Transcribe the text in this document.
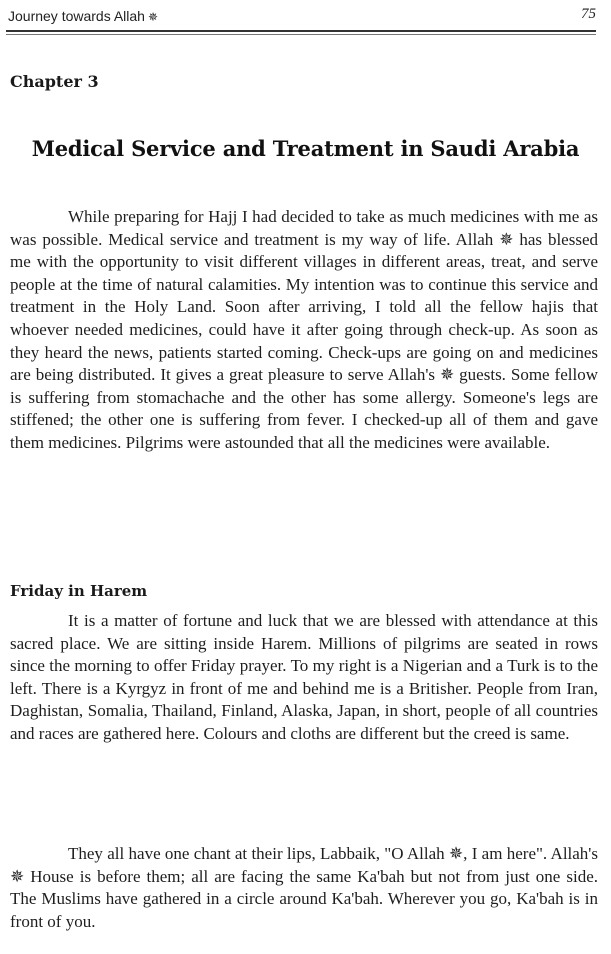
Journey towards Allah ✵	75
Chapter 3
Medical Service and Treatment in Saudi Arabia

While preparing for Hajj I had decided to take as much medicines with me as was possible. Medical service and treatment is my way of life. Allah ✵ has blessed me with the opportunity to visit different villages in different areas, treat, and serve people at the time of natural calamities. My intention was to continue this service and treatment in the Holy Land. Soon after arriving, I told all the fellow hajis that whoever needed medicines, could have it after going through check-up. As soon as they heard the news, patients started coming. Check-ups are going on and medicines are being distributed. It gives a great pleasure to serve Allah's ✵ guests. Some fellow is suffering from stomachache and the other has some allergy. Someone's legs are stiffened; the other one is suffering from fever. I checked-up all of them and gave them medicines. Pilgrims were astounded that all the medicines were available.

Friday in Harem

It is a matter of fortune and luck that we are blessed with attendance at this sacred place. We are sitting inside Harem. Millions of pilgrims are seated in rows since the morning to offer Friday prayer. To my right is a Nigerian and a Turk is to the left. There is a Kyrgyz in front of me and behind me is a Britisher. People from Iran, Daghistan, Somalia, Thailand, Finland, Alaska, Japan, in short, people of all countries and races are gathered here. Colours and cloths are different but the creed is same.

They all have one chant at their lips, Labbaik, "O Allah ✵, I am here". Allah's ✵ House is before them; all are facing the same Ka'bah but not from just one side. The Muslims have gathered in a circle around Ka'bah. Wherever you go, Ka'bah is in front of you.
